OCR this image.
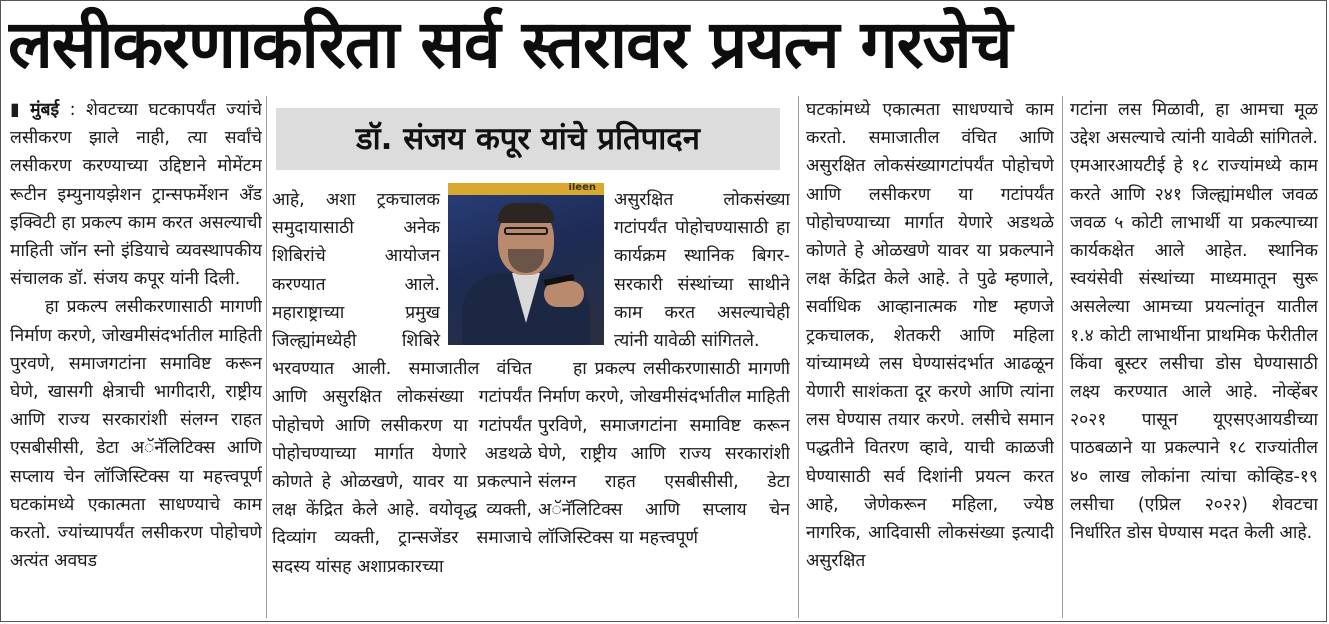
लसीकरणाकरिता सर्व स्तरावर प्रयत्न गरजेचे
डॉ. संजय कपूर यांचे प्रतिपादन
ileen

▮ मुंबई : शेवटच्या घटकापर्यंत ज्यांचे लसीकरण झाले नाही, त्या सर्वांचे लसीकरण करण्याच्या उद्दिष्टाने मोमेंटम रूटीन इम्युनायझेशन ट्रान्सफर्मेशन अँड इक्विटी हा प्रकल्प काम करत असल्याची माहिती जॉन स्नो इंडियाचे व्यवस्थापकीय संचालक डॉ. संजय कपूर यांनी दिली.

हा प्रकल्प लसीकरणासाठी मागणी निर्माण करणे, जोखमीसंदर्भातील माहिती पुरवणे, समाजगटांना समाविष्ट करून घेणे, खासगी क्षेत्राची भागीदारी, राष्ट्रीय आणि राज्य सरकारांशी संलग्न राहत एसबीसीसी, डेटा अॅनॅलिटिक्स आणि सप्लाय चेन लॉजिस्टिक्स या महत्त्वपूर्ण घटकांमध्ये एकात्मता साधण्याचे काम करतो. ज्यांच्यापर्यंत लसीकरण पोहोचणे अत्यंत अवघड

आहे, अशा ट्रकचालक समुदायासाठी अनेक शिबिरांचे आयोजन करण्यात आले. महाराष्ट्राच्या प्रमुख जिल्ह्यांमध्येही शिबिरे भरवण्यात आली. समाजातील वंचित आणि असुरक्षित लोकसंख्या गटांपर्यंत पोहोचणे आणि लसीकरण या गटांपर्यंत पोहोचण्याच्या मार्गात येणारे अडथळे कोणते हे ओळखणे, यावर या प्रकल्पाने लक्ष केंद्रित केले आहे. वयोवृद्ध व्यक्ती, दिव्यांग व्यक्ती, ट्रान्सजेंडर समाजाचे सदस्य यांसह अशाप्रकारच्या

असुरक्षित लोकसंख्या गटांपर्यंत पोहोचण्यासाठी हा कार्यक्रम स्थानिक बिगर-सरकारी संस्थांच्या साथीने काम करत असल्याचेही त्यांनी यावेळी सांगितले.

हा प्रकल्प लसीकरणासाठी मागणी निर्माण करणे, जोखमीसंदर्भातील माहिती पुरविणे, समाजगटांना समाविष्ट करून घेणे, राष्ट्रीय आणि राज्य सरकारांशी संलग्न राहत एसबीसीसी, डेटा अॅनॅलिटिक्स आणि सप्लाय चेन लॉजिस्टिक्स या महत्त्वपूर्ण

घटकांमध्ये एकात्मता साधण्याचे काम करतो. समाजातील वंचित आणि असुरक्षित लोकसंख्यागटांपर्यंत पोहोचणे आणि लसीकरण या गटांपर्यंत पोहोचण्याच्या मार्गात येणारे अडथळे कोणते हे ओळखणे यावर या प्रकल्पाने लक्ष केंद्रित केले आहे. ते पुढे म्हणाले, सर्वाधिक आव्हानात्मक गोष्ट म्हणजे ट्रकचालक, शेतकरी आणि महिला यांच्यामध्ये लस घेण्यासंदर्भात आढळून येणारी साशंकता दूर करणे आणि त्यांना लस घेण्यास तयार करणे. लसीचे समान पद्धतीने वितरण व्हावे, याची काळजी घेण्यासाठी सर्व दिशांनी प्रयत्न करत आहे, जेणेकरून महिला, ज्येष्ठ नागरिक, आदिवासी लोकसंख्या इत्यादी असुरक्षित

गटांना लस मिळावी, हा आमचा मूळ उद्देश असल्याचे त्यांनी यावेळी सांगितले. एमआरआयटीई हे १८ राज्यांमध्ये काम करते आणि २४१ जिल्ह्यांमधील जवळ जवळ ५ कोटी लाभार्थी या प्रकल्पाच्या कार्यकक्षेत आले आहेत. स्थानिक स्वयंसेवी संस्थांच्या माध्यमातून सुरू असलेल्या आमच्या प्रयत्नांतून यातील १.४ कोटी लाभार्थीना प्राथमिक फेरीतील किंवा बूस्टर लसीचा डोस घेण्यासाठी लक्ष्य करण्यात आले आहे. नोव्हेंबर २०२१ पासून यूएसएआयडीच्या पाठबळाने या प्रकल्पाने १८ राज्यांतील ४० लाख लोकांना त्यांचा कोव्हिड-१९ लसीचा (एप्रिल २०२२) शेवटचा निर्धारित डोस घेण्यास मदत केली आहे.
